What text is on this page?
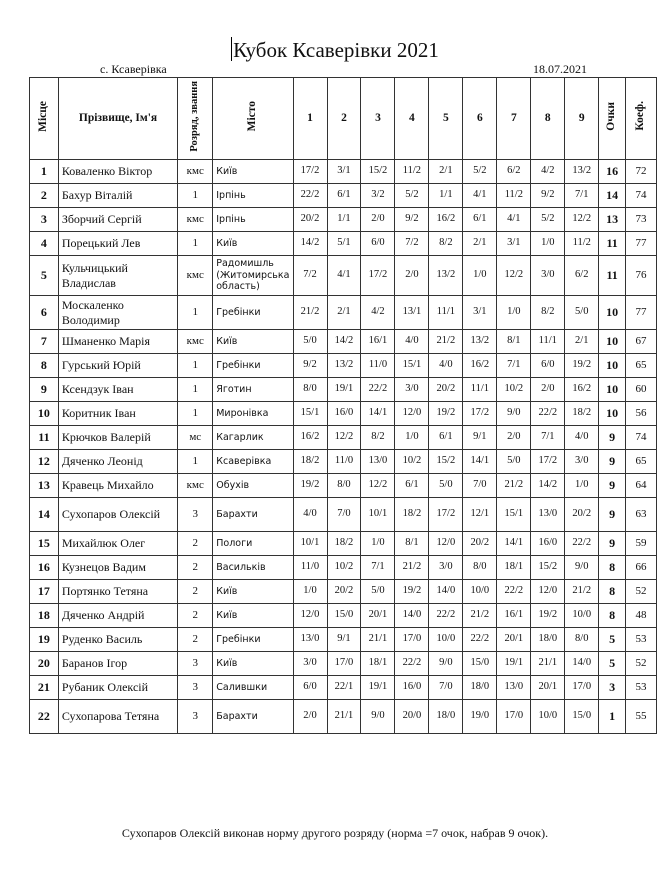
Кубок Ксаверівки 2021
с. Ксаверівка	18.07.2021
Місце	Прізвище, Ім'я	Розряд, звання	Місто	1	2	3	4	5	6	7	8	9	Очки	Коеф.
1	Коваленко Віктор	кмс	Київ	17/2	3/1	15/2	11/2	2/1	5/2	6/2	4/2	13/2	16	72
2	Бахур Віталій	1	Ірпінь	22/2	6/1	3/2	5/2	1/1	4/1	11/2	9/2	7/1	14	74
3	Зборчий Сергій	кмс	Ірпінь	20/2	1/1	2/0	9/2	16/2	6/1	4/1	5/2	12/2	13	73
4	Порецький Лев	1	Київ	14/2	5/1	6/0	7/2	8/2	2/1	3/1	1/0	11/2	11	77
5	Кульчицький Владислав	кмс	Радомишль (Житомирська область)	7/2	4/1	17/2	2/0	13/2	1/0	12/2	3/0	6/2	11	76
6	Москаленко Володимир	1	Гребінки	21/2	2/1	4/2	13/1	11/1	3/1	1/0	8/2	5/0	10	77
7	Шманенко Марія	кмс	Київ	5/0	14/2	16/1	4/0	21/2	13/2	8/1	11/1	2/1	10	67
8	Гурський Юрій	1	Гребінки	9/2	13/2	11/0	15/1	4/0	16/2	7/1	6/0	19/2	10	65
9	Ксендзук Іван	1	Яготин	8/0	19/1	22/2	3/0	20/2	11/1	10/2	2/0	16/2	10	60
10	Коритник Іван	1	Миронівка	15/1	16/0	14/1	12/0	19/2	17/2	9/0	22/2	18/2	10	56
11	Крючков Валерій	мс	Кагарлик	16/2	12/2	8/2	1/0	6/1	9/1	2/0	7/1	4/0	9	74
12	Дяченко Леонід	1	Ксаверівка	18/2	11/0	13/0	10/2	15/2	14/1	5/0	17/2	3/0	9	65
13	Кравець Михайло	кмс	Обухів	19/2	8/0	12/2	6/1	5/0	7/0	21/2	14/2	1/0	9	64
14	Сухопаров Олексій	3	Барахти	4/0	7/0	10/1	18/2	17/2	12/1	15/1	13/0	20/2	9	63
15	Михайлюк Олег	2	Пологи	10/1	18/2	1/0	8/1	12/0	20/2	14/1	16/0	22/2	9	59
16	Кузнецов Вадим	2	Васильків	11/0	10/2	7/1	21/2	3/0	8/0	18/1	15/2	9/0	8	66
17	Портянко Тетяна	2	Київ	1/0	20/2	5/0	19/2	14/0	10/0	22/2	12/0	21/2	8	52
18	Дяченко Андрій	2	Київ	12/0	15/0	20/1	14/0	22/2	21/2	16/1	19/2	10/0	8	48
19	Руденко Василь	2	Гребінки	13/0	9/1	21/1	17/0	10/0	22/2	20/1	18/0	8/0	5	53
20	Баранов Ігор	3	Київ	3/0	17/0	18/1	22/2	9/0	15/0	19/1	21/1	14/0	5	52
21	Рубаник Олексій	3	Салившки	6/0	22/1	19/1	16/0	7/0	18/0	13/0	20/1	17/0	3	53
22	Сухопарова Тетяна	3	Барахти	2/0	21/1	9/0	20/0	18/0	19/0	17/0	10/0	15/0	1	55
Сухопаров Олексій виконав норму другого розряду (норма =7 очок, набрав 9 очок).
